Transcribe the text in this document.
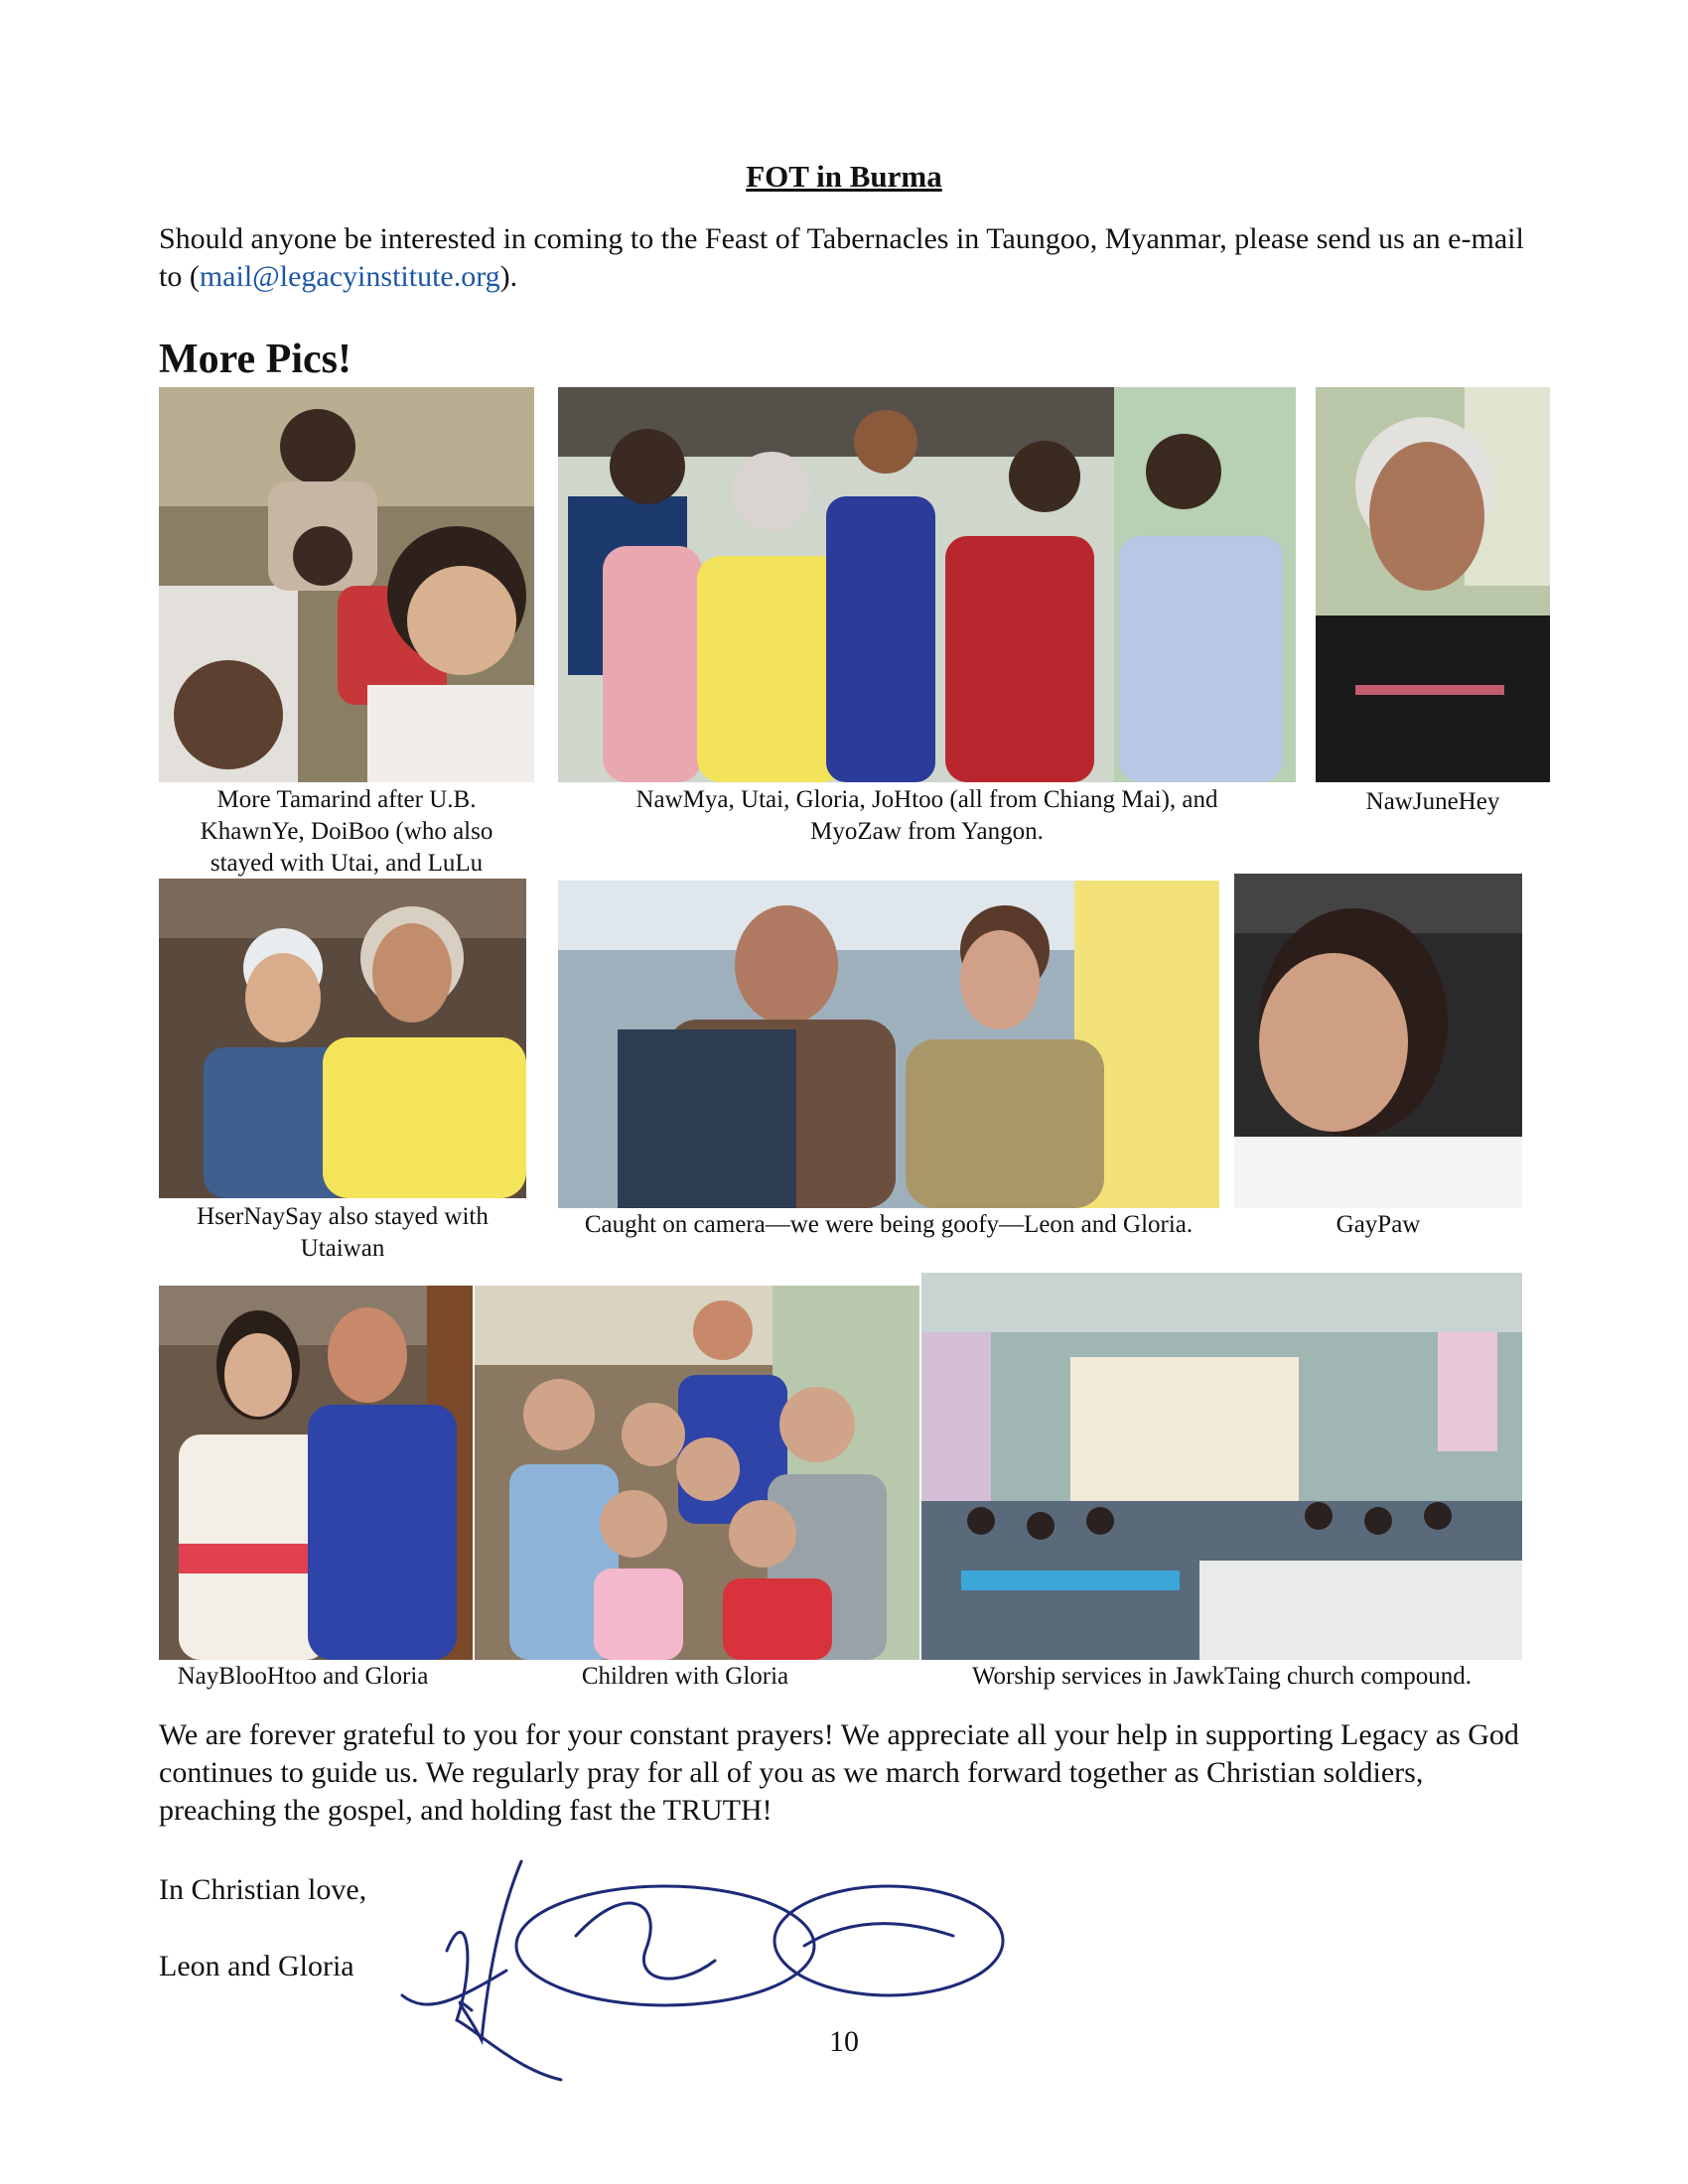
FOT in Burma
Should anyone be interested in coming to the Feast of Tabernacles in Taungoo, Myanmar, please send us an e-mail to (mail@legacyinstitute.org).
More Pics!
More Tamarind after U.B.
KhawnYe, DoiBoo (who also
stayed with Utai, and LuLu
NawMya, Utai, Gloria, JoHtoo (all from Chiang Mai), and
MyoZaw from Yangon.
NawJuneHey
HserNaySay also stayed with
Utaiwan
Caught on camera—we were being goofy—Leon and Gloria.	GayPaw
NayBlooHtoo and Gloria	Children with Gloria	Worship services in JawkTaing church compound.
We are forever grateful to you for your constant prayers! We appreciate all your help in supporting Legacy as God continues to guide us. We regularly pray for all of you as we march forward together as Christian soldiers, preaching the gospel, and holding fast the TRUTH!
In Christian love,
Leon and Gloria
10
